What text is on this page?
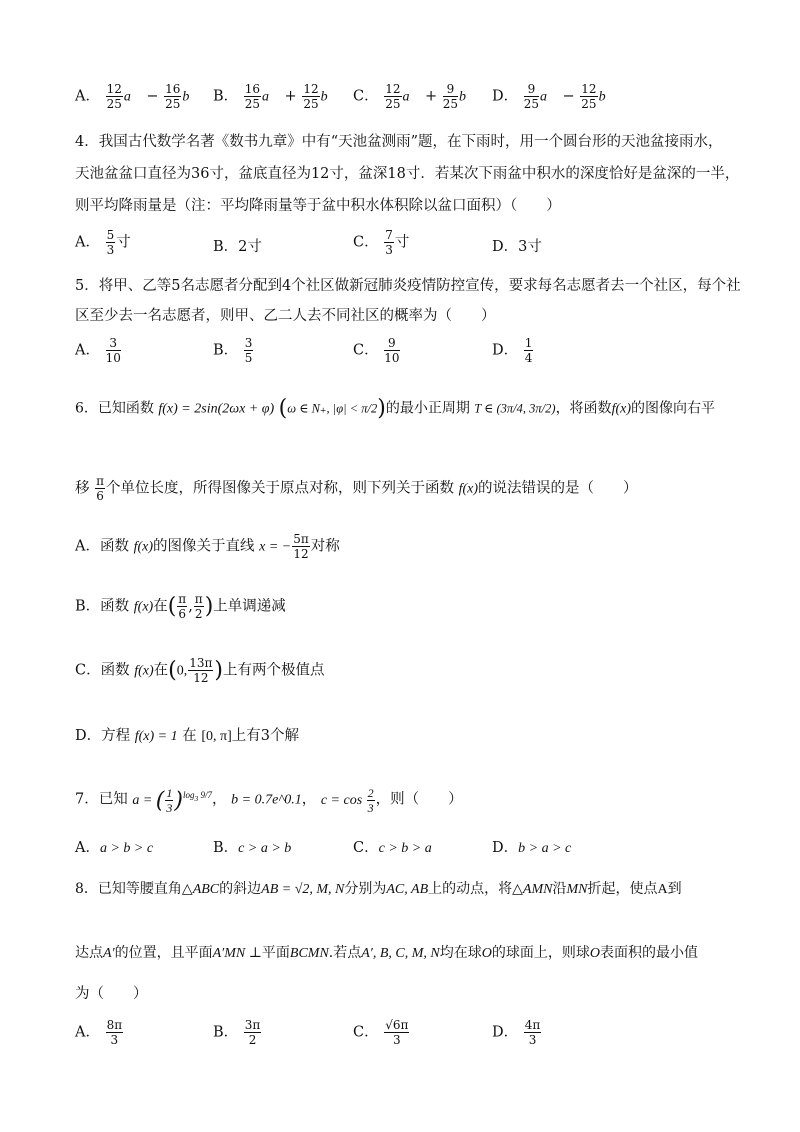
A． $\frac{12}{25}$ a⃗ − $\frac{16}{25}$ b⃗ B． $\frac{16}{25}$ a⃗ + $\frac{12}{25}$ b⃗ C． $\frac{12}{25}$ a⃗ + $\frac{9}{25}$ b⃗ D． $\frac{9}{25}$ a⃗ − $\frac{12}{25}$ b⃗
4．我国古代数学名著《数书九章》中有“天池盆测雨”题，在下雨时，用一个圆台形的天池盆接雨水，
天池盆盆口直径为36寸，盆底直径为12寸，盆深18寸．若某次下雨盆中积水的深度恰好是盆深的一半，
则平均降雨量是（注：平均降雨量等于盆中积水体积除以盆口面积）（　　）
A． $\frac{5}{3}$ 寸	B．2寸	C． $\frac{7}{3}$ 寸	D．3寸
5．将甲、乙等5名志愿者分配到4个社区做新冠肺炎疫情防控宣传，要求每名志愿者去一个社区，每个社
区至少去一名志愿者，则甲、乙二人去不同社区的概率为（　　）
A． $\frac{3}{10}$	B． $\frac{3}{5}$	C． $\frac{9}{10}$	D． $\frac{1}{4}$
6．已知函数 f(x) = 2sin(2ωx + φ) (ω ∈ N₊, |φ| < π/2)的最小正周期 T ∈ (3π/4, 3π/2)，将函数f(x)的图像向右平
移 $\frac{\pi}{6}$ 个单位长度，所得图像关于原点对称，则下列关于函数 f(x)的说法错误的是（　　）
A．函数 f(x)的图像关于直线 x = − $\frac{5\pi}{12}$ 对称
B．函数 f(x)在( $\frac{\pi}{6}$ , $\frac{\pi}{2}$ )上单调递减
C．函数 f(x)在(0, $\frac{13\pi}{12}$ )上有两个极值点
D．方程 f(x) = 1 在 [0, π]上有3个解
7．已知 a = ( $\frac{1}{3} )^{log_3 9/7}$， b = 0.7e^0.1， $c = \cos \frac{2}{3}$ ，则（　　）
A．a > b > c	B．c > a > b	C．c > b > a	D．b > a > c
8．已知等腰直角△ABC的斜边AB = √2, M, N分别为AC, AB上的动点，将△AMN沿MN折起，使点A到
达点A′的位置，且平面A′MN ⊥平面BCMN.若点A′, B, C, M, N均在球O的球面上，则球O表面积的最小值
为（　　）
A． $\frac{8\pi}{3}$	B． $\frac{3\pi}{2}$	C． $\frac{√6\pi}{3}$	D． $\frac{4\pi}{3}$
